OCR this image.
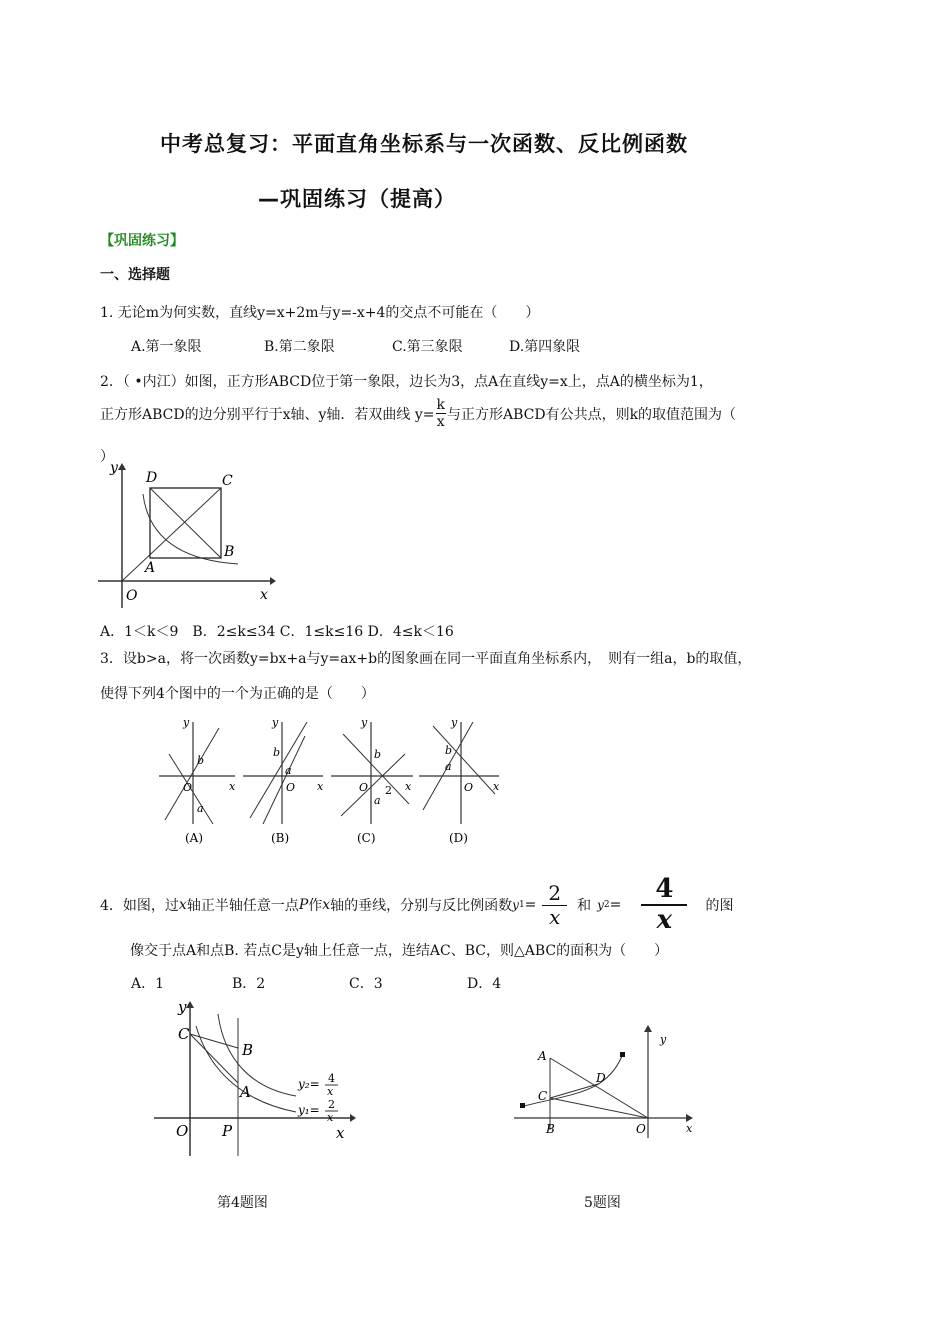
中考总复习：平面直角坐标系与一次函数、反比例函数
—巩固练习（提高）
【巩固练习】
一、选择题
1. 无论m为何实数，直线y=x+2m与y=-x+4的交点不可能在（　　）
A.第一象限	B.第二象限	C.第三象限	D.第四象限
2．（ •内江）如图，正方形ABCD位于第一象限，边长为3，点A在直线y=x上，点A的横坐标为1，
正方形ABCD的边分别平行于x轴、y轴．若双曲线 $y= \frac{k}{x}$ 与正方形ABCD有公共点，则k的取值范围为（
）
y
x
O
A
B
C
D
A．1＜k＜9　B．2≤k≤34 C．1≤k≤16 D．4≤k＜16
3．设b>a，将一次函数y=bx+a与y=ax+b的图象画在同一平面直角坐标系内，　则有一组a，b的取值，
使得下列4个图中的一个为正确的是（　　）
y
x
O
b
a
(A)
y
x
O
b
a
(B)
y
x
O
b
a
2
(C)
y
x
O
b
a
(D)
4．如图，过 x 轴正半轴任意一点 P 作 x 轴的垂线，分别与反比例函数 y $1 = \frac{2}{x}$ 和 y $2 = \frac{4}{x}$ 的图
像交于点A和点B. 若点C是y轴上任意一点，连结AC、BC，则△ABC的面积为（　　）
A．1	B．2	C．3	D．4
y
x
O P
A
B
C
y₂= 4
x
y₁= 2
x
y
x
O
B
A
C
D
第4题图	5题图
